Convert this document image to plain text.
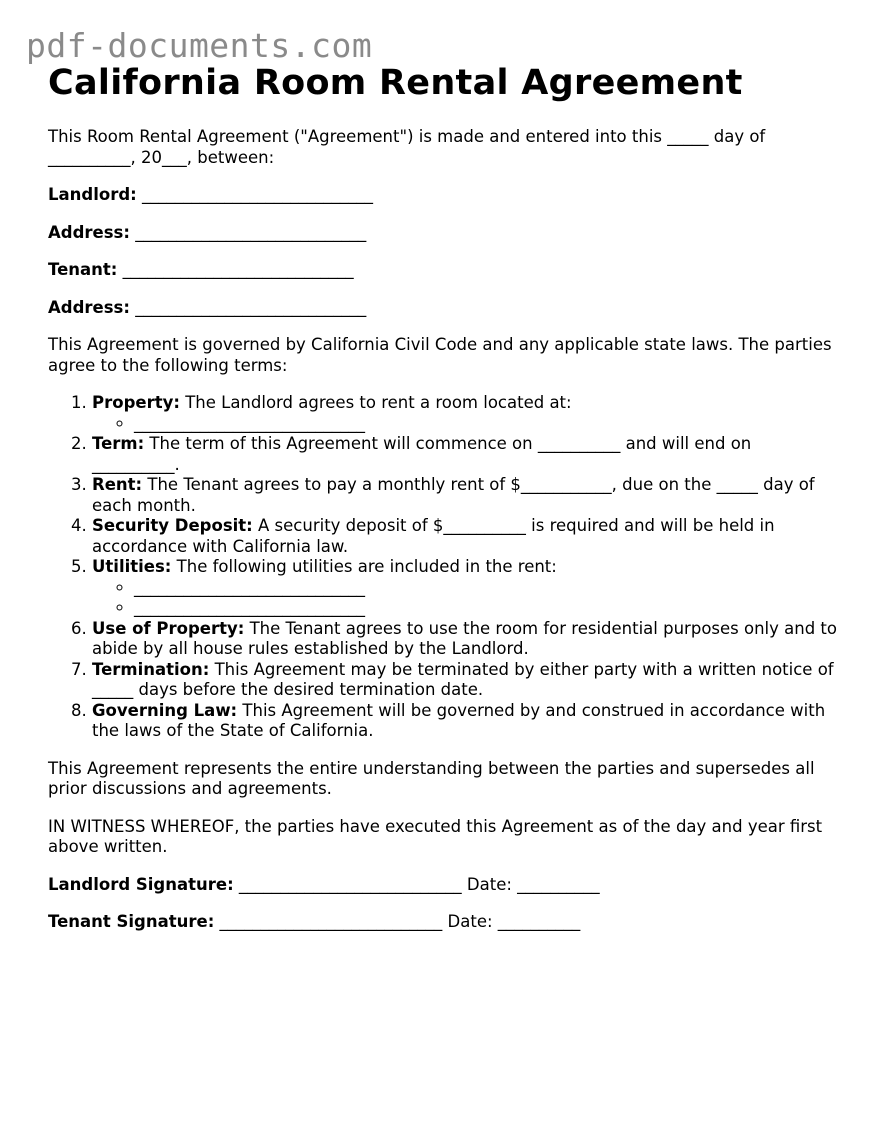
pdf-documents.com
California Room Rental Agreement

This Room Rental Agreement ("Agreement") is made and entered into this _____ day of __________, 20___, between:

Landlord: ____________________________

Address: ____________________________

Tenant: ____________________________

Address: ____________________________

This Agreement is governed by California Civil Code and any applicable state laws. The parties agree to the following terms:

1. Property: The Landlord agrees to rent a room located at:
◦ ____________________________
2. Term: The term of this Agreement will commence on __________ and will end on __________.
3. Rent: The Tenant agrees to pay a monthly rent of $___________, due on the _____ day of each month.
4. Security Deposit: A security deposit of $__________ is required and will be held in accordance with California law.
5. Utilities: The following utilities are included in the rent:
◦ ____________________________
◦ ____________________________
6. Use of Property: The Tenant agrees to use the room for residential purposes only and to abide by all house rules established by the Landlord.
7. Termination: This Agreement may be terminated by either party with a written notice of _____ days before the desired termination date.
8. Governing Law: This Agreement will be governed by and construed in accordance with the laws of the State of California.

This Agreement represents the entire understanding between the parties and supersedes all prior discussions and agreements.

IN WITNESS WHEREOF, the parties have executed this Agreement as of the day and year first above written.

Landlord Signature: ___________________________ Date: __________

Tenant Signature: ___________________________ Date: __________
